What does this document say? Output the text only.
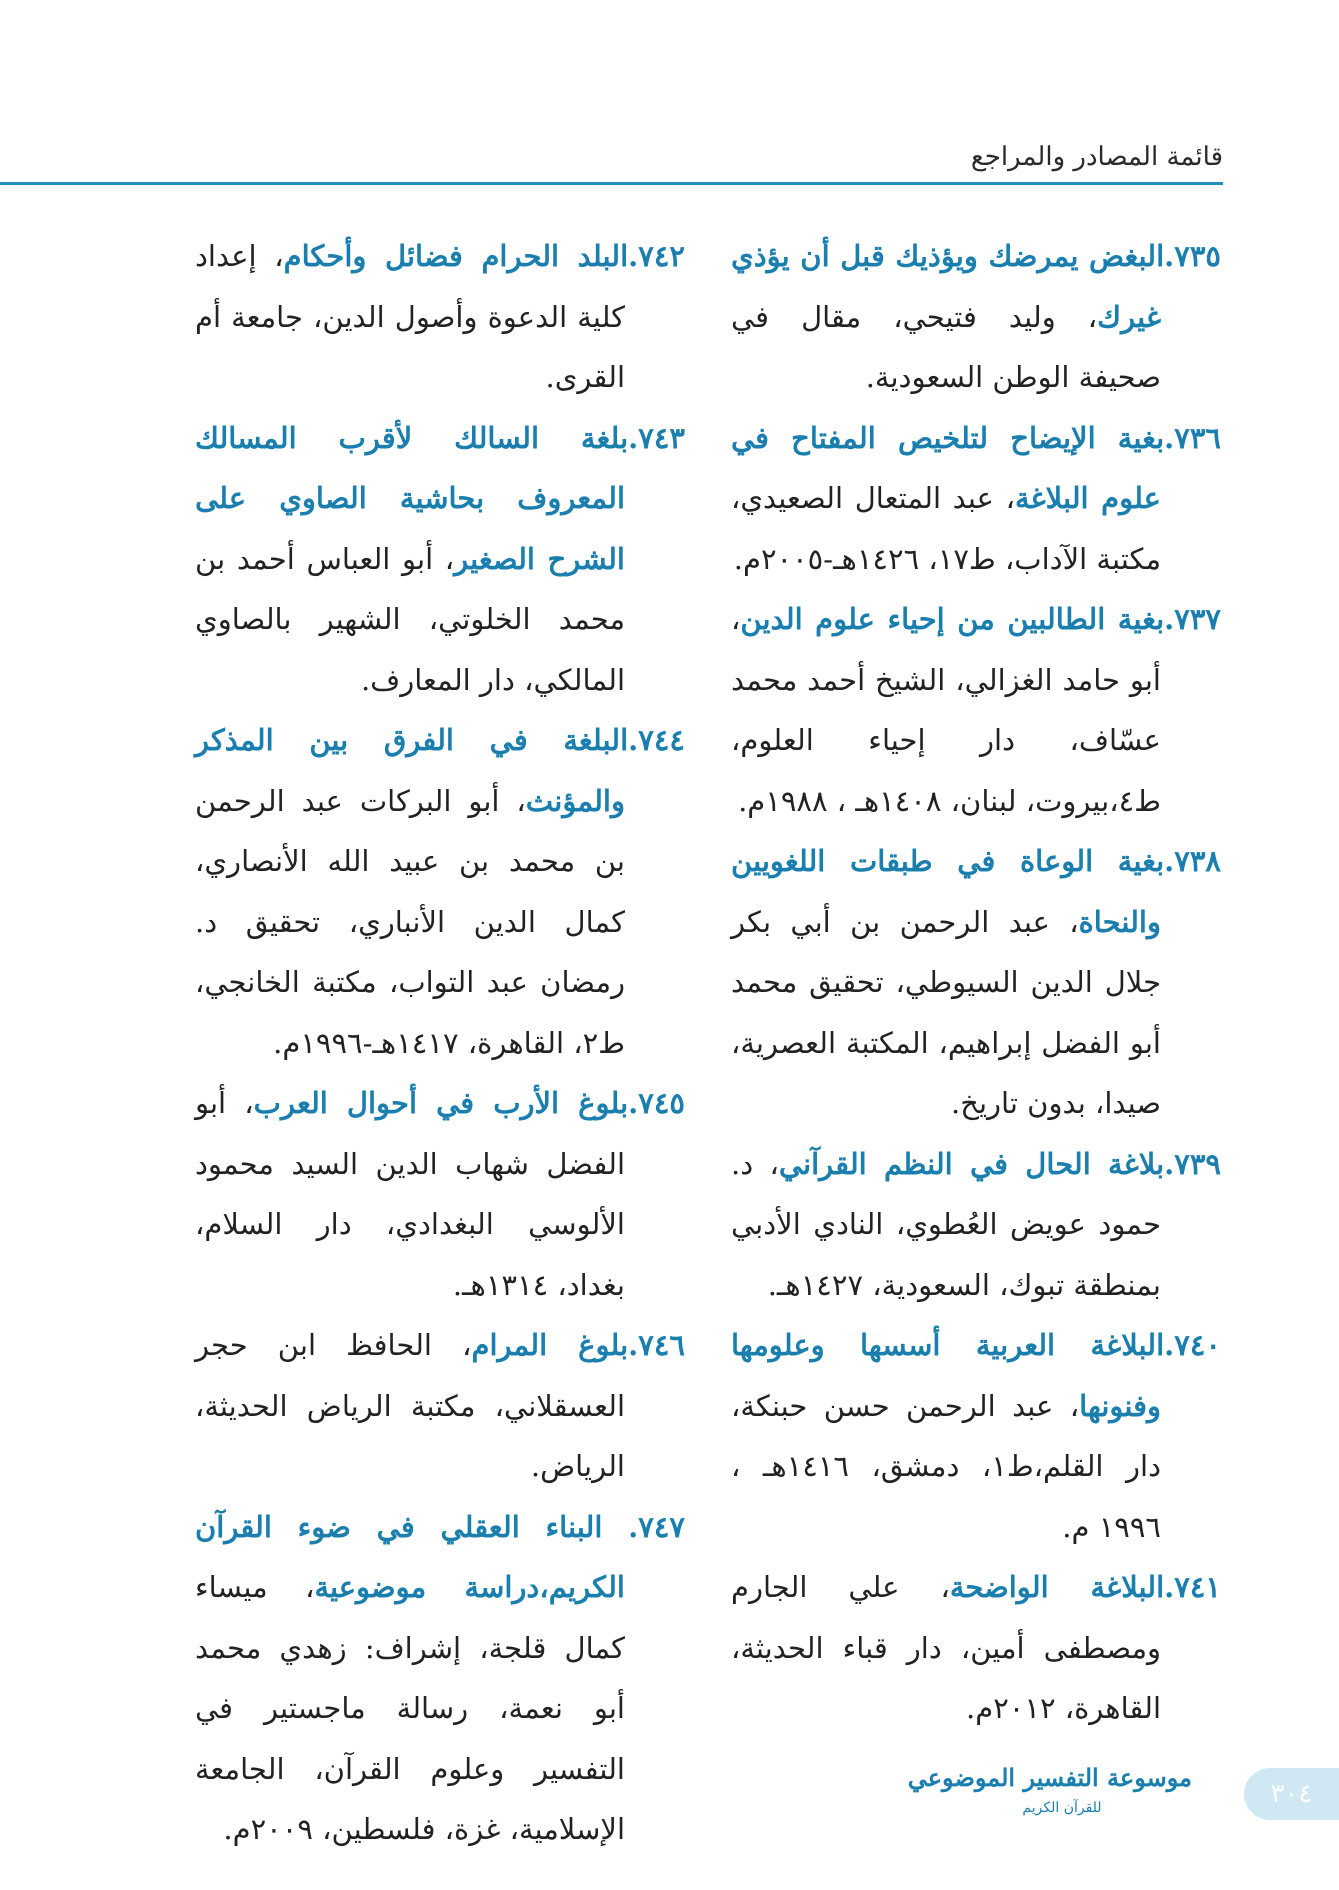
قائمة المصادر والمراجع

٧٣٥.البغض يمرضك ويؤذيك قبل أن يؤذي غيرك، وليد فتيحي، مقال في صحيفة الوطن السعودية.

٧٣٦.بغية الإيضاح لتلخيص المفتاح في علوم البلاغة، عبد المتعال الصعيدي، مكتبة الآداب، ط١٧، ١٤٢٦هـ-٢٠٠٥م.

٧٣٧.بغية الطالبين من إحياء علوم الدين، أبو حامد الغزالي، الشيخ أحمد محمد عسّاف، دار إحياء العلوم، ط٤،بيروت، لبنان، ١٤٠٨هـ ، ١٩٨٨م.

٧٣٨.بغية الوعاة في طبقات اللغويين والنحاة، عبد الرحمن بن أبي بكر جلال الدين السيوطي، تحقيق محمد أبو الفضل إبراهيم، المكتبة العصرية، صيدا، بدون تاريخ.

٧٣٩.بلاغة الحال في النظم القرآني، د. حمود عويض العُطوي، النادي الأدبي بمنطقة تبوك، السعودية، ١٤٢٧هـ.

٧٤٠.البلاغة العربية أسسها وعلومها وفنونها، عبد الرحمن حسن حبنكة، دار القلم،ط١، دمشق، ١٤١٦هـ ، ١٩٩٦ م.

٧٤١.البلاغة الواضحة، علي الجارم ومصطفى أمين، دار قباء الحديثة، القاهرة، ٢٠١٢م.

٧٤٢.البلد الحرام فضائل وأحكام، إعداد كلية الدعوة وأصول الدين، جامعة أم القرى.

٧٤٣.بلغة السالك لأقرب المسالك المعروف بحاشية الصاوي على الشرح الصغير، أبو العباس أحمد بن محمد الخلوتي، الشهير بالصاوي المالكي، دار المعارف.

٧٤٤.البلغة في الفرق بين المذكر والمؤنث، أبو البركات عبد الرحمن بن محمد بن عبيد الله الأنصاري، كمال الدين الأنباري، تحقيق د. رمضان عبد التواب، مكتبة الخانجي، ط٢، القاهرة، ١٤١٧هـ-١٩٩٦م.

٧٤٥.بلوغ الأرب في أحوال العرب، أبو الفضل شهاب الدين السيد محمود الألوسي البغدادي، دار السلام، بغداد، ١٣١٤هـ.

٧٤٦.بلوغ المرام، الحافظ ابن حجر العسقلاني، مكتبة الرياض الحديثة، الرياض.

٧٤٧. البناء العقلي في ضوء القرآن الكريم،دراسة موضوعية، ميساء كمال قلجة، إشراف: زهدي محمد أبو نعمة، رسالة ماجستير في التفسير وعلوم القرآن، الجامعة الإسلامية، غزة، فلسطين، ٢٠٠٩م.

٣٠٤
موسوعة التفسير الموضوعي
للقرآن الكريم
